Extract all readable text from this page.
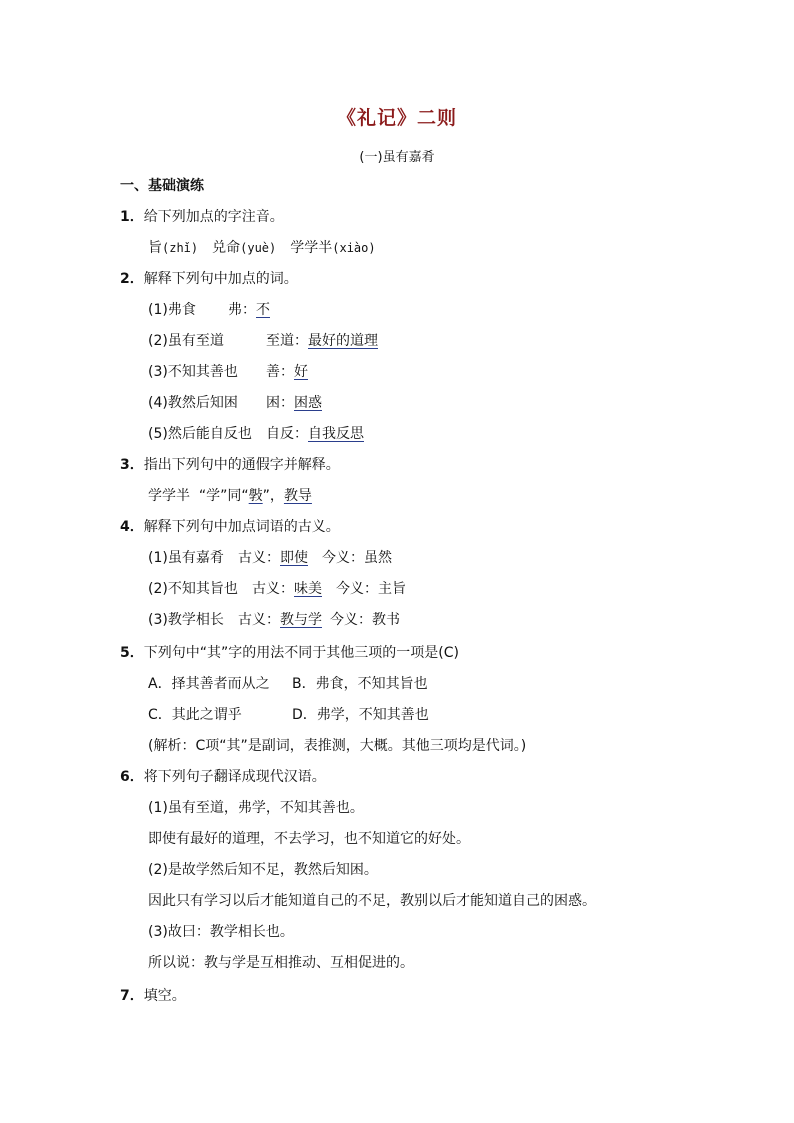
《礼记》二则
(一)虽有嘉肴
一、基础演练
1．给下列加点的字注音。
旨(zhǐ) 兑命(yuè) 学学半(xiào)
2．解释下列句中加点的词。
(1)弗食 弗：不
(2)虽有至道	至道：最好的道理
(3)不知其善也 善：好
(4)教然后知困 困：困惑
(5)然后能自反也 自反：自我反思
3．指出下列句中的通假字并解释。
学学半  “学”同“斅”，教导
4．解释下列句中加点词语的古义。
(1)虽有嘉肴 古义：即使 今义：虽然
(2)不知其旨也 古义：味美 今义：主旨
(3)教学相长 古义：教与学 今义：教书
5．下列句中“其”字的用法不同于其他三项的一项是(C)
A．择其善者而从之 B．弗食，不知其旨也
C．其此之谓乎	D．弗学，不知其善也
(解析：C项“其”是副词，表推测，大概。其他三项均是代词。)
6．将下列句子翻译成现代汉语。
(1)虽有至道，弗学，不知其善也。
即使有最好的道理，不去学习，也不知道它的好处。
(2)是故学然后知不足，教然后知困。
因此只有学习以后才能知道自己的不足，教别以后才能知道自己的困惑。
(3)故曰：教学相长也。
所以说：教与学是互相推动、互相促进的。
7．填空。
